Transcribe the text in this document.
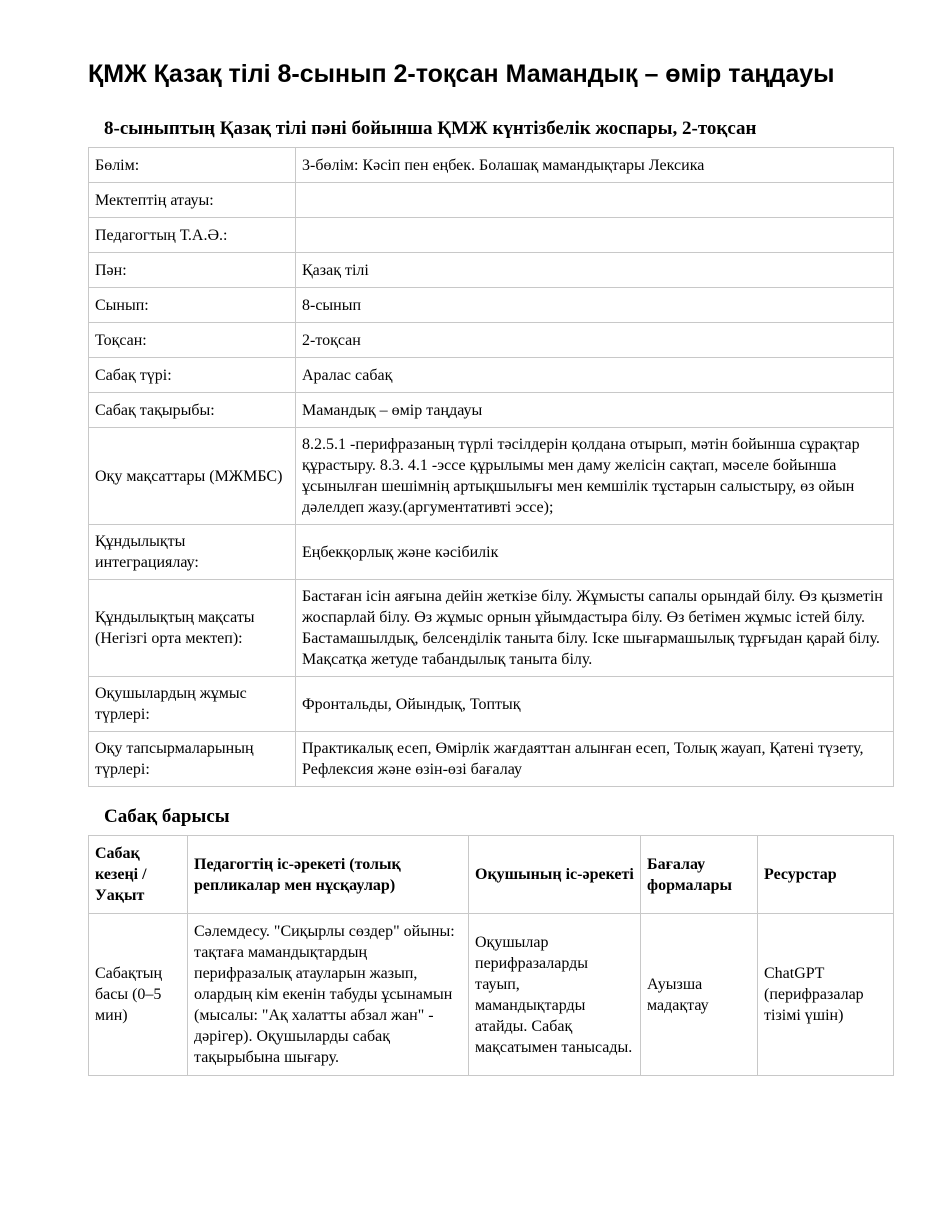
ҚМЖ Қазақ тілі 8-сынып 2-тоқсан Мамандық – өмір таңдауы
8-сыныптың Қазақ тілі пәні бойынша ҚМЖ күнтізбелік жоспары, 2-тоқсан
Бөлім:	3-бөлім: Кәсіп пен еңбек. Болашақ мамандықтары Лексика
Мектептің атауы:	
Педагогтың Т.А.Ә.:	
Пән:	Қазақ тілі
Сынып:	8-сынып
Тоқсан:	2-тоқсан
Сабақ түрі:	Аралас сабақ
Сабақ тақырыбы:	Мамандық – өмір таңдауы
Оқу мақсаттары (МЖМБС)	8.2.5.1 -перифразаның түрлі тәсілдерін қолдана отырып, мәтін бойынша сұрақтар құрастыру. 8.3. 4.1 -эссе құрылымы мен даму желісін сақтап, мәселе бойынша ұсынылған шешімнің артықшылығы мен кемшілік тұстарын салыстыру, өз ойын дәлелдеп жазу.(аргументативті эссе);
Құндылықты интеграциялау:	Еңбекқорлық және кәсібилік
Құндылықтың мақсаты (Негізгі орта мектеп):	Бастаған ісін аяғына дейін жеткізе білу. Жұмысты сапалы орындай білу. Өз қызметін жоспарлай білу. Өз жұмыс орнын ұйымдастыра білу. Өз бетімен жұмыс істей білу. Бастамашылдық, белсенділік таныта білу. Іске шығармашылық тұрғыдан қарай білу. Мақсатқа жетуде табандылық таныта білу.
Оқушылардың жұмыс түрлері:	Фронтальды, Ойындық, Топтық
Оқу тапсырмаларының түрлері:	Практикалық есеп, Өмірлік жағдаяттан алынған есеп, Толық жауап, Қатені түзету, Рефлексия және өзін-өзі бағалау
Сабақ барысы
Сабақ кезеңі / Уақыт	Педагогтің іс-әрекеті (толық репликалар мен нұсқаулар)	Оқушының іс-әрекеті	Бағалау формалары	Ресурстар
Сабақтың басы (0–5 мин)	Сәлемдесу. "Сиқырлы сөздер" ойыны: тақтаға мамандықтардың перифразалық атауларын жазып, олардың кім екенін табуды ұсынамын (мысалы: "Ақ халатты абзал жан" - дәрігер). Оқушыларды сабақ тақырыбына шығару.	Оқушылар перифразаларды тауып, мамандықтарды атайды. Сабақ мақсатымен танысады.	Ауызша мадақтау	ChatGPT (перифразалар тізімі үшін)
